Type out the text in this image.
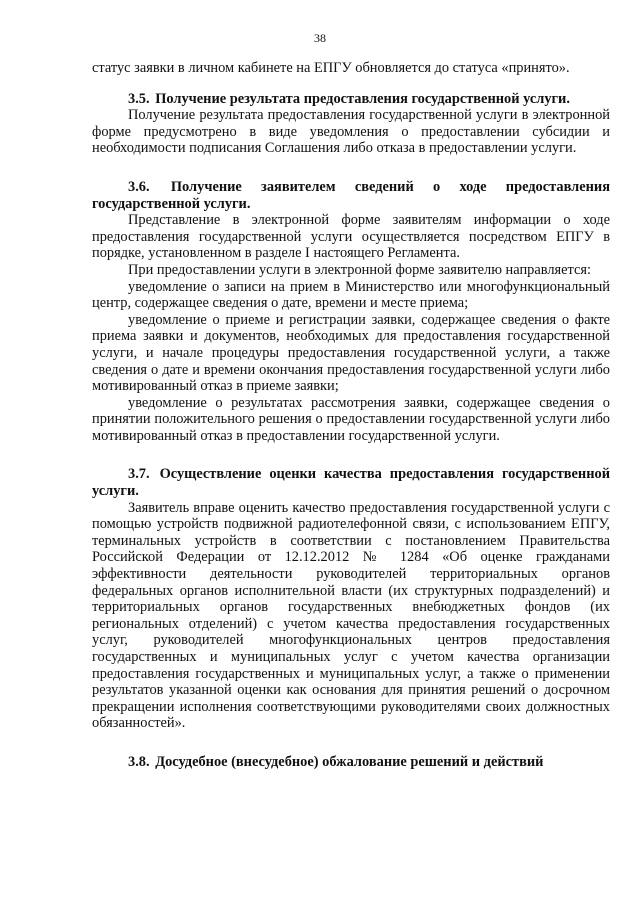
38

статус заявки в личном кабинете на ЕПГУ обновляется до статуса «принято».

3.5. Получение результата предоставления государственной услуги.

Получение результата предоставления государственной услуги в электронной форме предусмотрено в виде уведомления о предоставлении субсидии и необходимости подписания Соглашения либо отказа в предоставлении услуги.

3.6. Получение заявителем сведений о ходе предоставления государственной услуги.

Представление в электронной форме заявителям информации о ходе предоставления государственной услуги осуществляется посредством ЕПГУ в порядке, установленном в разделе I настоящего Регламента.

При предоставлении услуги в электронной форме заявителю направляется:

уведомление о записи на прием в Министерство или многофункциональный центр, содержащее сведения о дате, времени и месте приема;

уведомление о приеме и регистрации заявки, содержащее сведения о факте приема заявки и документов, необходимых для предоставления государственной услуги, и начале процедуры предоставления государственной услуги, а также сведения о дате и времени окончания предоставления государственной услуги либо мотивированный отказ в приеме заявки;

уведомление о результатах рассмотрения заявки, содержащее сведения о принятии положительного решения о предоставлении государственной услуги либо мотивированный отказ в предоставлении государственной услуги.

3.7. Осуществление оценки качества предоставления государственной услуги.

Заявитель вправе оценить качество предоставления государственной услуги с помощью устройств подвижной радиотелефонной связи, с использованием ЕПГУ, терминальных устройств в соответствии с постановлением Правительства Российской Федерации от 12.12.2012 № 1284 «Об оценке гражданами эффективности деятельности руководителей территориальных органов федеральных органов исполнительной власти (их структурных подразделений) и территориальных органов государственных внебюджетных фондов (их региональных отделений) с учетом качества предоставления государственных услуг, руководителей многофункциональных центров предоставления государственных и муниципальных услуг с учетом качества организации предоставления государственных и муниципальных услуг, а также о применении результатов указанной оценки как основания для принятия решений о досрочном прекращении исполнения соответствующими руководителями своих должностных обязанностей».

3.8. Досудебное (внесудебное) обжалование решений и действий
